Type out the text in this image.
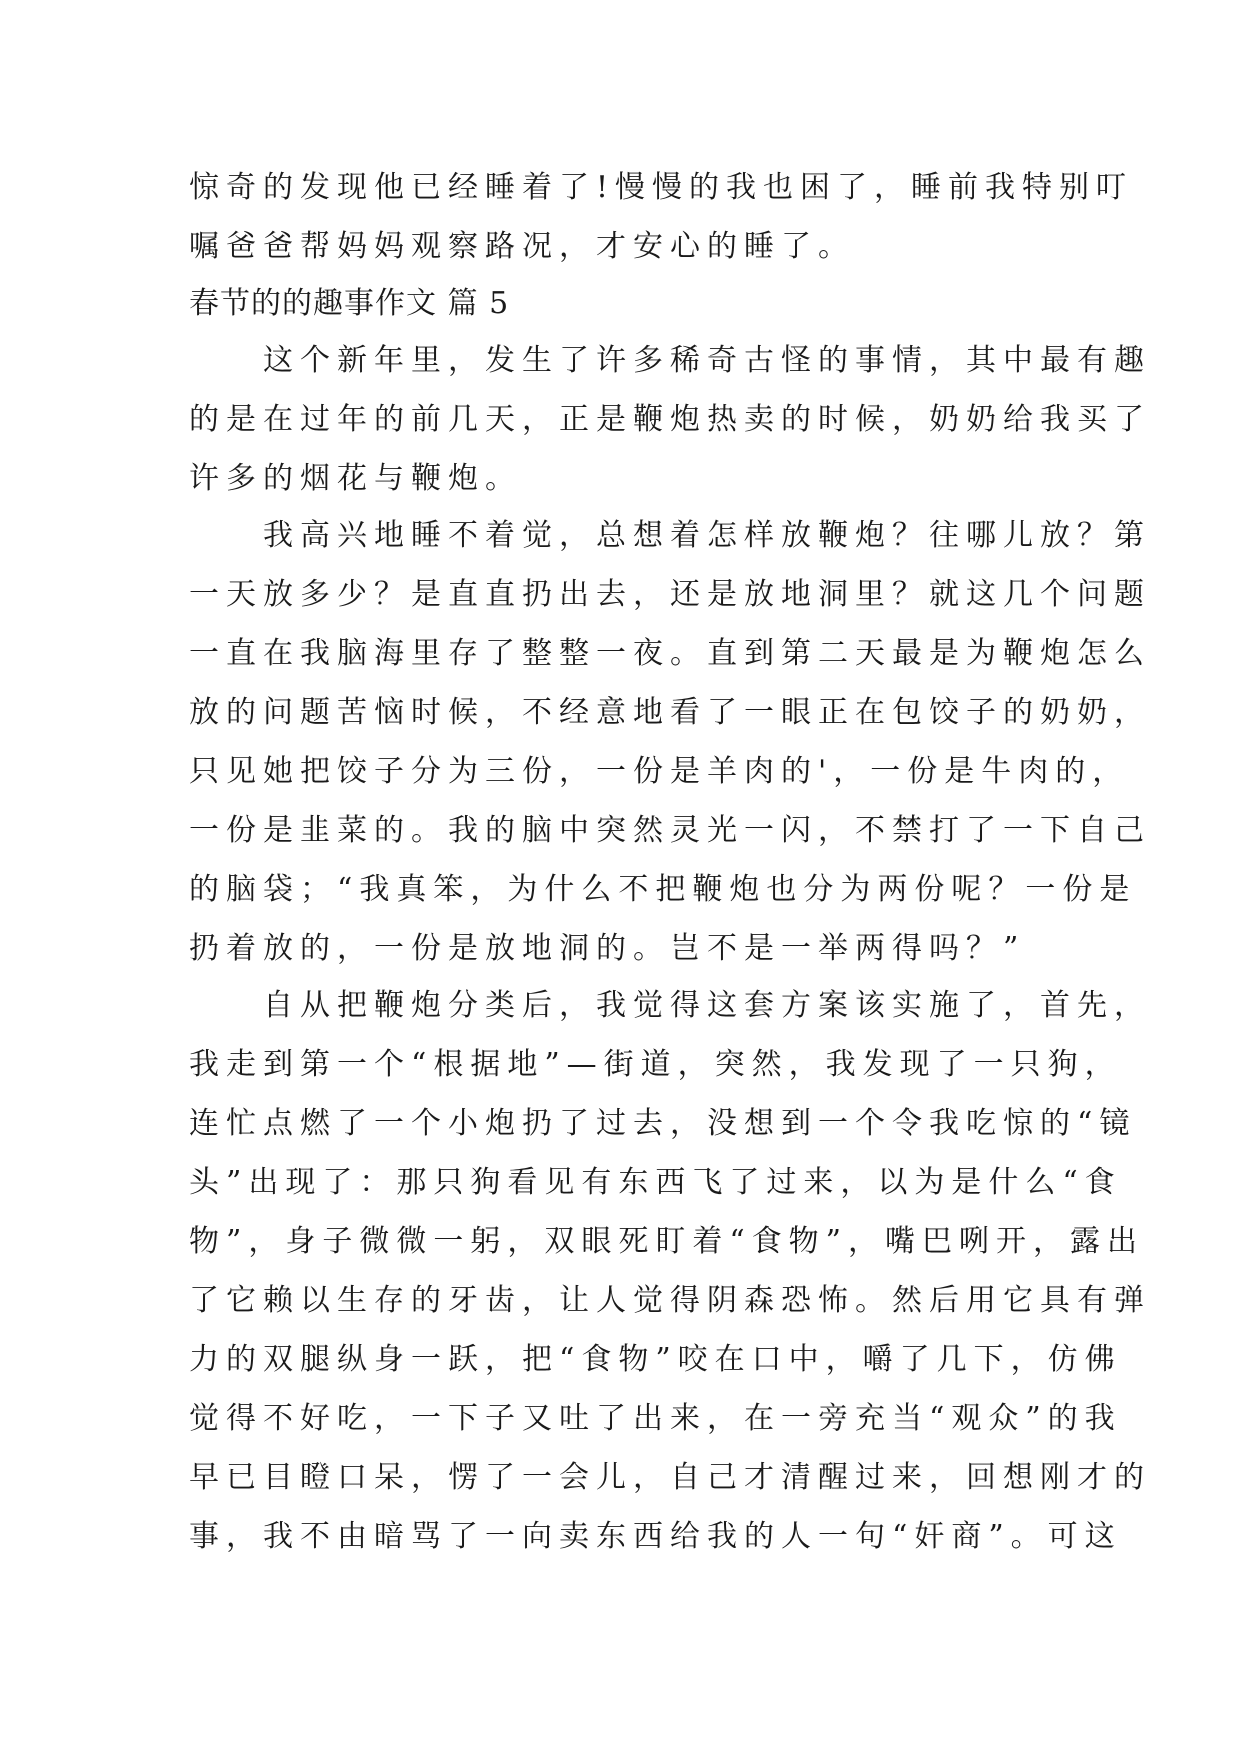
惊奇的发现他已经睡着了!慢慢的我也困了，睡前我特别叮
嘱爸爸帮妈妈观察路况，才安心的睡了。
春节的的趣事作文 篇 5
　　这个新年里，发生了许多稀奇古怪的事情，其中最有趣
的是在过年的前几天，正是鞭炮热卖的时候，奶奶给我买了
许多的烟花与鞭炮。
　　我高兴地睡不着觉，总想着怎样放鞭炮？往哪儿放？第
一天放多少？是直直扔出去，还是放地洞里？就这几个问题
一直在我脑海里存了整整一夜。直到第二天最是为鞭炮怎么
放的问题苦恼时候，不经意地看了一眼正在包饺子的奶奶，
只见她把饺子分为三份，一份是羊肉的'，一份是牛肉的，
一份是韭菜的。我的脑中突然灵光一闪，不禁打了一下自己
的脑袋；“我真笨，为什么不把鞭炮也分为两份呢？一份是
扔着放的，一份是放地洞的。岂不是一举两得吗？”
　　自从把鞭炮分类后，我觉得这套方案该实施了，首先，
我走到第一个“根据地”—街道，突然，我发现了一只狗，
连忙点燃了一个小炮扔了过去，没想到一个令我吃惊的“镜
头”出现了：那只狗看见有东西飞了过来，以为是什么“食
物”，身子微微一躬，双眼死盯着“食物”，嘴巴咧开，露出
了它赖以生存的牙齿，让人觉得阴森恐怖。然后用它具有弹
力的双腿纵身一跃，把“食物”咬在口中，嚼了几下，仿佛
觉得不好吃，一下子又吐了出来，在一旁充当“观众”的我
早已目瞪口呆，愣了一会儿，自己才清醒过来，回想刚才的
事，我不由暗骂了一向卖东西给我的人一句“奸商”。可这
